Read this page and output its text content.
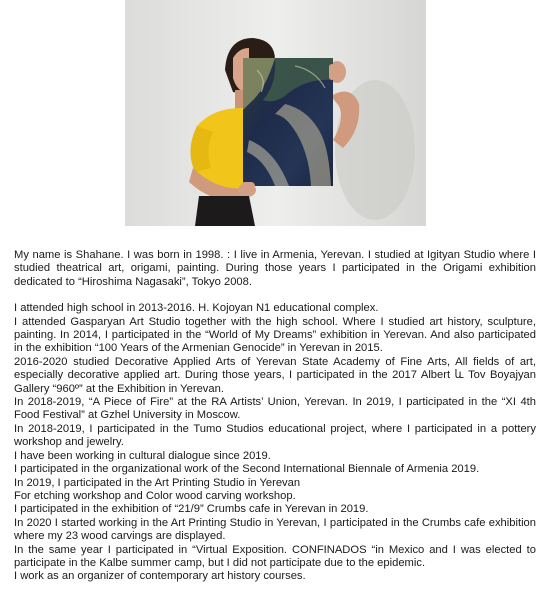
My name is Shahane. I was born in 1998. : I live in Armenia, Yerevan. I studied at Igityan Studio where I studied theatrical art, origami, painting. During those years I participated in the Origami exhibition dedicated to “Hiroshima Nagasaki”, Tokyo 2008.

I attended high school in 2013-2016. H. Kojoyan N1 educational complex.

I attended Gasparyan Art Studio together with the high school. Where I studied art history, sculpture, painting. In 2014, I participated in the “World of My Dreams” exhibition in Yerevan. And also participated in the exhibition “100 Years of the Armenian Genocide” in Yerevan in 2015.

2016-2020 studied Decorative Applied Arts of Yerevan State Academy of Fine Arts, All fields of art, especially decorative applied art. During those years, I participated in the 2017 Albert և Tov Boyajyan Gallery “960º” at the Exhibition in Yerevan.

In 2018-2019, “A Piece of Fire” at the RA Artists’ Union, Yerevan. In 2019, I participated in the “XI 4th Food Festival” at Gzhel University in Moscow.

In 2018-2019, I participated in the Tumo Studios educational project, where I participated in a pottery workshop and jewelry.

I have been working in cultural dialogue since 2019.

I participated in the organizational work of the Second International Biennale of Armenia 2019.

In 2019, I participated in the Art Printing Studio in Yerevan

For etching workshop and Color wood carving workshop.

I participated in the exhibition of “21/9” Crumbs cafe in Yerevan in 2019.

In 2020 I started working in the Art Printing Studio in Yerevan, I participated in the Crumbs cafe exhibition where my 23 wood carvings are displayed.

In the same year I participated in “Virtual Exposition. CONFINADOS “in Mexico and I was elected to participate in the Kalbe summer camp, but I did not participate due to the epidemic.

I work as an organizer of contemporary art history courses.
